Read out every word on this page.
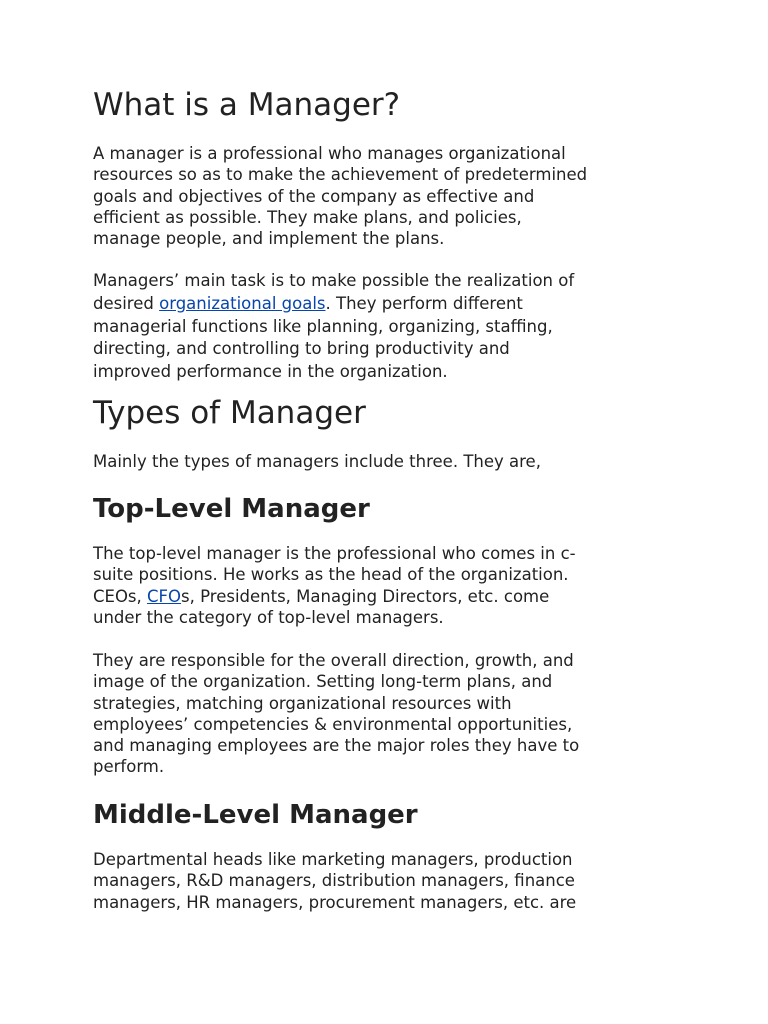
What is a Manager?

A manager is a professional who manages organizational
resources so as to make the achievement of predetermined
goals and objectives of the company as effective and
efficient as possible. They make plans, and policies,
manage people, and implement the plans.

Managers’ main task is to make possible the realization of
desired organizational goals. They perform different
managerial functions like planning, organizing, staffing,
directing, and controlling to bring productivity and
improved performance in the organization.

Types of Manager

Mainly the types of managers include three. They are,

Top-Level Manager

The top-level manager is the professional who comes in c-
suite positions. He works as the head of the organization.
CEOs, CFOs, Presidents, Managing Directors, etc. come
under the category of top-level managers.

They are responsible for the overall direction, growth, and
image of the organization. Setting long-term plans, and
strategies, matching organizational resources with
employees’ competencies & environmental opportunities,
and managing employees are the major roles they have to
perform.

Middle-Level Manager

Departmental heads like marketing managers, production
managers, R&D managers, distribution managers, finance
managers, HR managers, procurement managers, etc. are
